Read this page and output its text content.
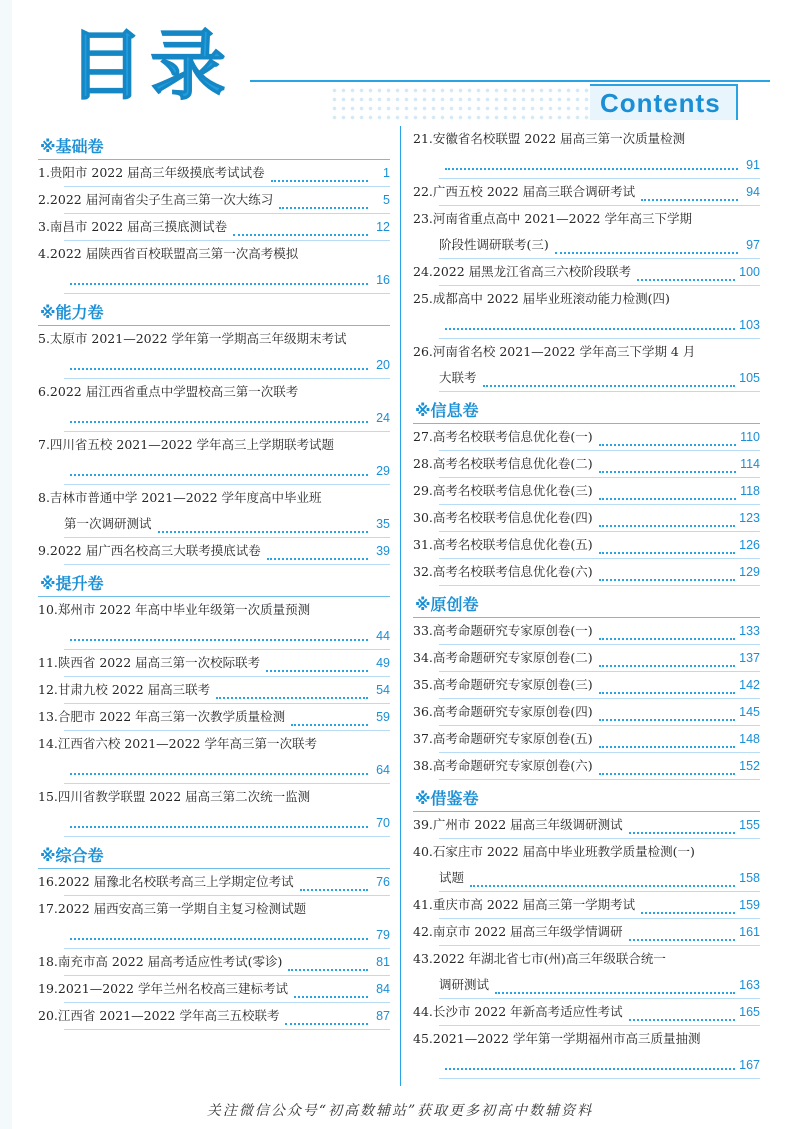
目录	Contents
※基础卷
1.贵阳市 2022 届高三年级摸底考试试卷	1
2.2022 届河南省尖子生高三第一次大练习	5
3.南昌市 2022 届高三摸底测试卷	12
4.2022 届陕西省百校联盟高三第一次高考模拟
16
※能力卷
5.太原市 2021—2022 学年第一学期高三年级期末考试
20
6.2022 届江西省重点中学盟校高三第一次联考
24
7.四川省五校 2021—2022 学年高三上学期联考试题
29
8.吉林市普通中学 2021—2022 学年度高中毕业班
第一次调研测试	35
9.2022 届广西名校高三大联考摸底试卷	39
※提升卷
10.郑州市 2022 年高中毕业年级第一次质量预测
44
11.陕西省 2022 届高三第一次校际联考	49
12.甘肃九校 2022 届高三联考	54
13.合肥市 2022 年高三第一次教学质量检测	59
14.江西省六校 2021—2022 学年高三第一次联考
64
15.四川省教学联盟 2022 届高三第二次统一监测
70
※综合卷
16.2022 届豫北名校联考高三上学期定位考试	76
17.2022 届西安高三第一学期自主复习检测试题
79
18.南充市高 2022 届高考适应性考试(零诊)	81
19.2021—2022 学年兰州名校高三建标考试	84
20.江西省 2021—2022 学年高三五校联考	87
21.安徽省名校联盟 2022 届高三第一次质量检测
91
22.广西五校 2022 届高三联合调研考试	94
23.河南省重点高中 2021—2022 学年高三下学期
阶段性调研联考(三)	97
24.2022 届黑龙江省高三六校阶段联考	100
25.成都高中 2022 届毕业班滚动能力检测(四)
103
26.河南省名校 2021—2022 学年高三下学期 4 月
大联考	105
※信息卷
27.高考名校联考信息优化卷(一)	110
28.高考名校联考信息优化卷(二)	114
29.高考名校联考信息优化卷(三)	118
30.高考名校联考信息优化卷(四)	123
31.高考名校联考信息优化卷(五)	126
32.高考名校联考信息优化卷(六)	129
※原创卷
33.高考命题研究专家原创卷(一)	133
34.高考命题研究专家原创卷(二)	137
35.高考命题研究专家原创卷(三)	142
36.高考命题研究专家原创卷(四)	145
37.高考命题研究专家原创卷(五)	148
38.高考命题研究专家原创卷(六)	152
※借鉴卷
39.广州市 2022 届高三年级调研测试	155
40.石家庄市 2022 届高中毕业班教学质量检测(一)
试题	158
41.重庆市高 2022 届高三第一学期考试	159
42.南京市 2022 届高三年级学情调研	161
43.2022 年湖北省七市(州)高三年级联合统一
调研测试	163
44.长沙市 2022 年新高考适应性考试	165
45.2021—2022 学年第一学期福州市高三质量抽测
167
关注微信公众号“初高数辅站”获取更多初高中数辅资料
